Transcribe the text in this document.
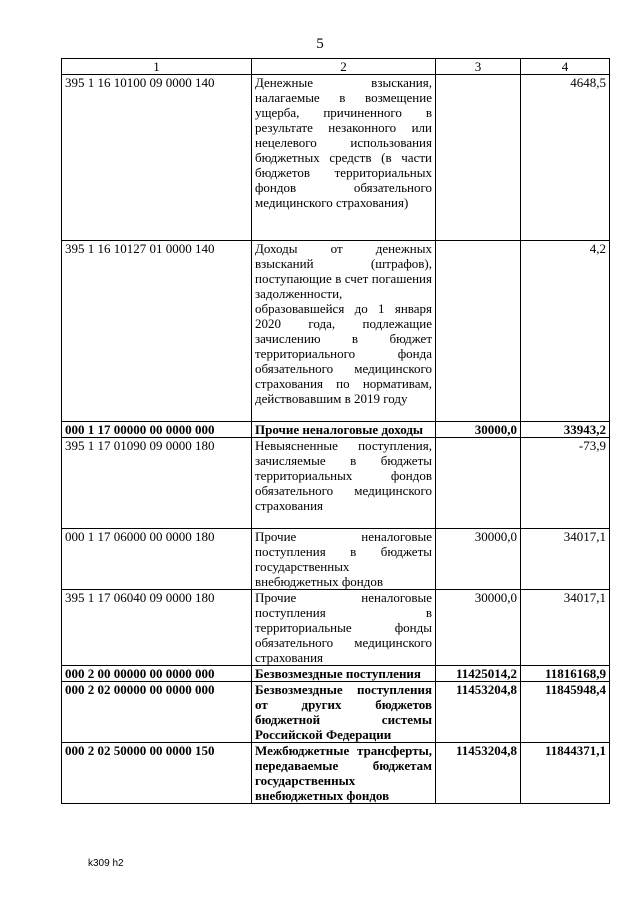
5
1	2	3	4
395 1 16 10100 09 0000 140	Денежные взыскания, налагаемые в возмещение ущерба, причиненного в результате незаконного или нецелевого использования бюджетных средств (в части бюджетов территориальных фондов обязательного медицинского страхования)		4648,5
395 1 16 10127 01 0000 140	Доходы от денежных взысканий (штрафов), поступающие в счет погашения задолженности, образовавшейся до 1 января 2020 года, подлежащие зачислению в бюджет территориального фонда обязательного медицинского страхования по нормативам, действовавшим в 2019 году		4,2
000 1 17 00000 00 0000 000	Прочие неналоговые доходы	30000,0	33943,2
395 1 17 01090 09 0000 180	Невыясненные поступления, зачисляемые в бюджеты территориальных фондов обязательного медицинского страхования		-73,9
000 1 17 06000 00 0000 180	Прочие неналоговые поступления в бюджеты государственных внебюджетных фондов	30000,0	34017,1
395 1 17 06040 09 0000 180	Прочие неналоговые поступления в территориальные фонды обязательного медицинского страхования	30000,0	34017,1
000 2 00 00000 00 0000 000	Безвозмездные поступления	11425014,2	11816168,9
000 2 02 00000 00 0000 000	Безвозмездные поступления от других бюджетов бюджетной системы Российской Федерации	11453204,8	11845948,4
000 2 02 50000 00 0000 150	Межбюджетные трансферты, передаваемые бюджетам государственных внебюджетных фондов	11453204,8	11844371,1
k309 h2
